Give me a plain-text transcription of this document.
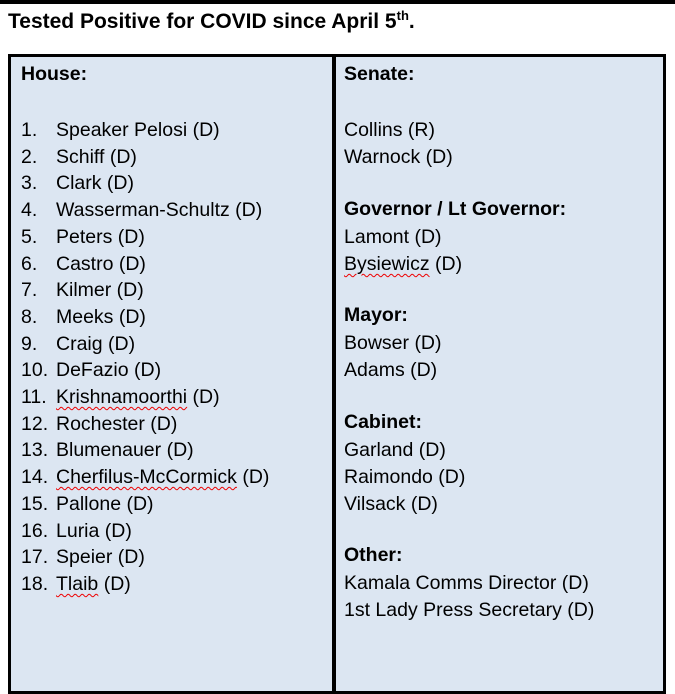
Tested Positive for COVID since April 5th.
House:
1. Speaker Pelosi (D)
2. Schiff (D)
3. Clark (D)
4. Wasserman-Schultz (D)
5. Peters (D)
6. Castro (D)
7. Kilmer (D)
8. Meeks (D)
9. Craig (D)
10. DeFazio (D)
11. Krishnamoorthi (D)
12. Rochester (D)
13. Blumenauer (D)
14. Cherfilus-McCormick (D)
15. Pallone (D)
16. Luria (D)
17. Speier (D)
18. Tlaib (D)
Senate:
Collins (R)
Warnock (D)
Governor / Lt Governor:
Lamont (D)
Bysiewicz (D)
Mayor:
Bowser (D)
Adams (D)
Cabinet:
Garland (D)
Raimondo (D)
Vilsack (D)
Other:
Kamala Comms Director (D)
1st Lady Press Secretary (D)
